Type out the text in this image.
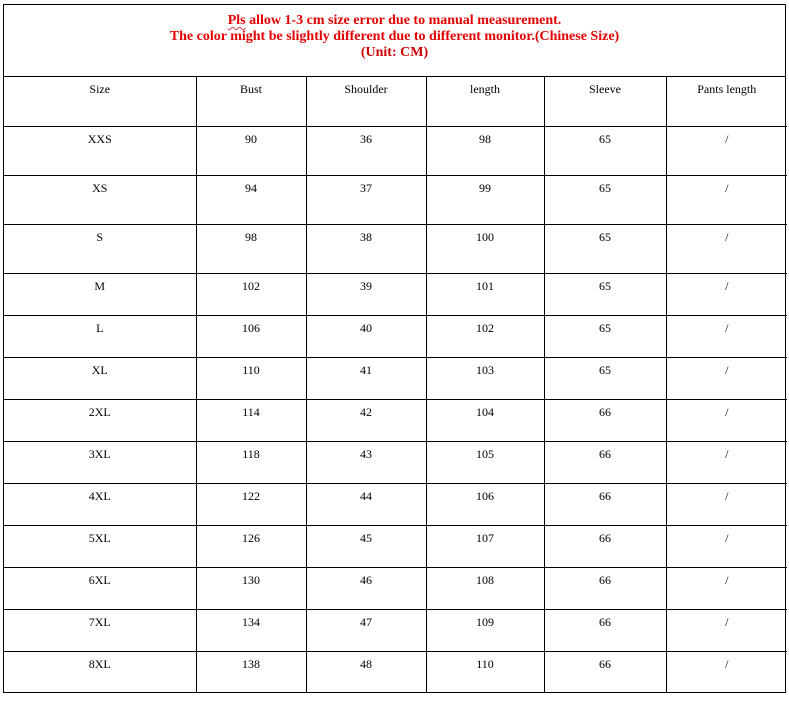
Pls allow 1-3 cm size error due to manual measurement.
The color might be slightly different due to different monitor.(Chinese Size)
(Unit: CM)
Size	Bust	Shoulder	length	Sleeve	Pants length
XXS	90	36	98	65	/
XS	94	37	99	65	/
S	98	38	100	65	/
M	102	39	101	65	/
L	106	40	102	65	/
XL	110	41	103	65	/
2XL	114	42	104	66	/
3XL	118	43	105	66	/
4XL	122	44	106	66	/
5XL	126	45	107	66	/
6XL	130	46	108	66	/
7XL	134	47	109	66	/
8XL	138	48	110	66	/
